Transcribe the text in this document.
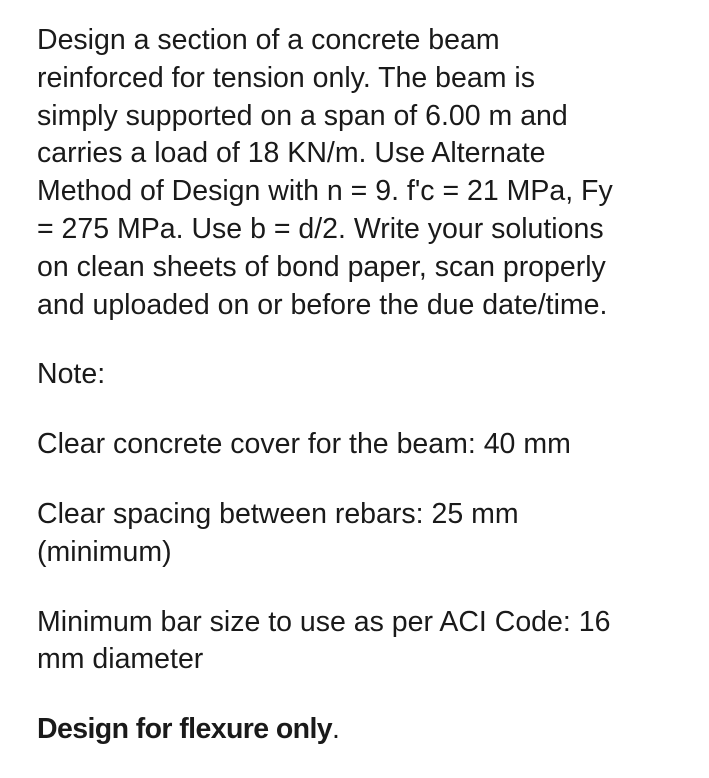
Design a section of a concrete beam
reinforced for tension only. The beam is
simply supported on a span of 6.00 m and
carries a load of 18 KN/m. Use Alternate
Method of Design with n = 9. f'c = 21 MPa, Fy
= 275 MPa. Use b = d/2. Write your solutions
on clean sheets of bond paper, scan properly
and uploaded on or before the due date/time.

Note:

Clear concrete cover for the beam: 40 mm

Clear spacing between rebars: 25 mm
(minimum)

Minimum bar size to use as per ACI Code: 16
mm diameter

Design for flexure only.
